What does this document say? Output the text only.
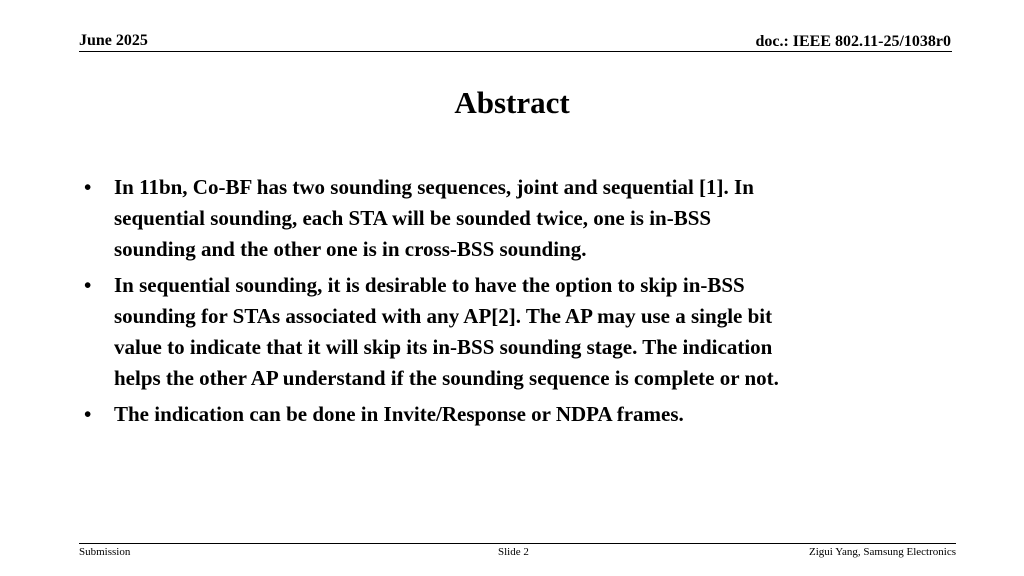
June 2025	doc.: IEEE 802.11-25/1038r0
Abstract
•	In 11bn, Co-BF has two sounding sequences, joint and sequential [1]. In
sequential sounding, each STA will be sounded twice, one is in-BSS
sounding and the other one is in cross-BSS sounding.
•	In sequential sounding, it is desirable to have the option to skip in-BSS
sounding for STAs associated with any AP[2]. The AP may use a single bit
value to indicate that it will skip its in-BSS sounding stage. The indication
helps the other AP understand if the sounding sequence is complete or not.
•	The indication can be done in Invite/Response or NDPA frames.
Submission	Slide 2	Zigui Yang, Samsung Electronics
